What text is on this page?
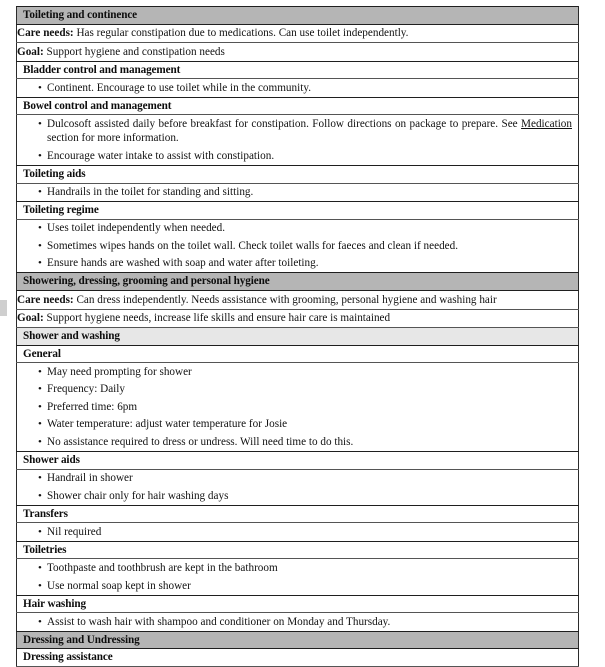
Toileting and continence

Care needs: Has regular constipation due to medications. Can use toilet independently.

Goal: Support hygiene and constipation needs

Bladder control and management

• Continent. Encourage to use toilet while in the community.

Bowel control and management

• Dulcosoft assisted daily before breakfast for constipation. Follow directions on package to prepare. See Medication section for more information.
• Encourage water intake to assist with constipation.

Toileting aids

• Handrails in the toilet for standing and sitting.

Toileting regime

• Uses toilet independently when needed.
• Sometimes wipes hands on the toilet wall. Check toilet walls for faeces and clean if needed.
• Ensure hands are washed with soap and water after toileting.

Showering, dressing, grooming and personal hygiene

Care needs: Can dress independently. Needs assistance with grooming, personal hygiene and washing hair

Goal: Support hygiene needs, increase life skills and ensure hair care is maintained

Shower and washing

General

• May need prompting for shower
• Frequency: Daily
• Preferred time: 6pm
• Water temperature: adjust water temperature for Josie
• No assistance required to dress or undress. Will need time to do this.

Shower aids

• Handrail in shower
• Shower chair only for hair washing days

Transfers

• Nil required

Toiletries

• Toothpaste and toothbrush are kept in the bathroom
• Use normal soap kept in shower

Hair washing

• Assist to wash hair with shampoo and conditioner on Monday and Thursday.

Dressing and Undressing

Dressing assistance
